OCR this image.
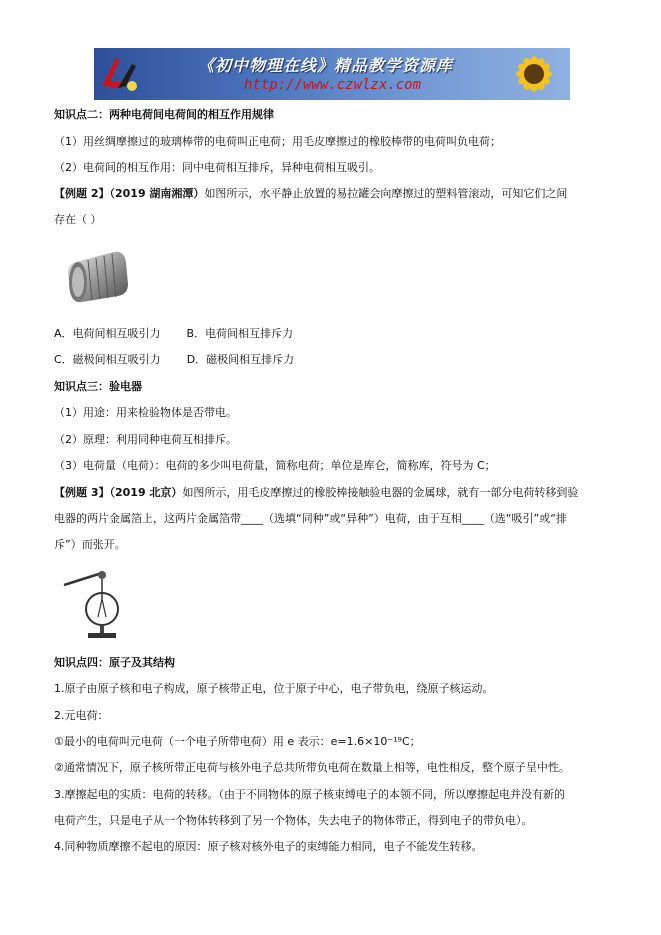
《初中物理在线》精品教学资源库
http://www.czwlzx.com
知识点二：两种电荷间电荷间的相互作用规律
（1）用丝绸摩擦过的玻璃棒带的电荷叫正电荷；用毛皮摩擦过的橡胶棒带的电荷叫负电荷；
（2）电荷间的相互作用：同中电荷相互排斥，异种电荷相互吸引。
【例题 2】（2019 湖南湘潭）如图所示，水平静止放置的易拉罐会向摩擦过的塑料管滚动，可知它们之间
存在（ ）
A．电荷间相互吸引力 B．电荷间相互排斥力
C．磁极间相互吸引力 D．磁极间相互排斥力
知识点三：验电器
（1）用途：用来检验物体是否带电。
（2）原理：利用同种电荷互相排斥。
（3）电荷量（电荷）：电荷的多少叫电荷量，简称电荷；单位是库仑，简称库，符号为 C；
【例题 3】（2019 北京）如图所示，用毛皮摩擦过的橡胶棒接触验电器的金属球，就有一部分电荷转移到验
电器的两片金属箔上，这两片金属箔带____（选填“同种”或“异种”）电荷，由于互相____（选“吸引”或“排
斥”）而张开。
知识点四：原子及其结构
1.原子由原子核和电子构成，原子核带正电，位于原子中心，电子带负电，绕原子核运动。
2.元电荷：
①最小的电荷叫元电荷（一个电子所带电荷）用 e 表示：e=1.6×10⁻¹⁹C；
②通常情况下，原子核所带正电荷与核外电子总共所带负电荷在数量上相等，电性相反，整个原子呈中性。
3.摩擦起电的实质：电荷的转移。（由于不同物体的原子核束缚电子的本领不同，所以摩擦起电并没有新的
电荷产生，只是电子从一个物体转移到了另一个物体，失去电子的物体带正，得到电子的带负电）。
4.同种物质摩擦不起电的原因：原子核对核外电子的束缚能力相同，电子不能发生转移。
